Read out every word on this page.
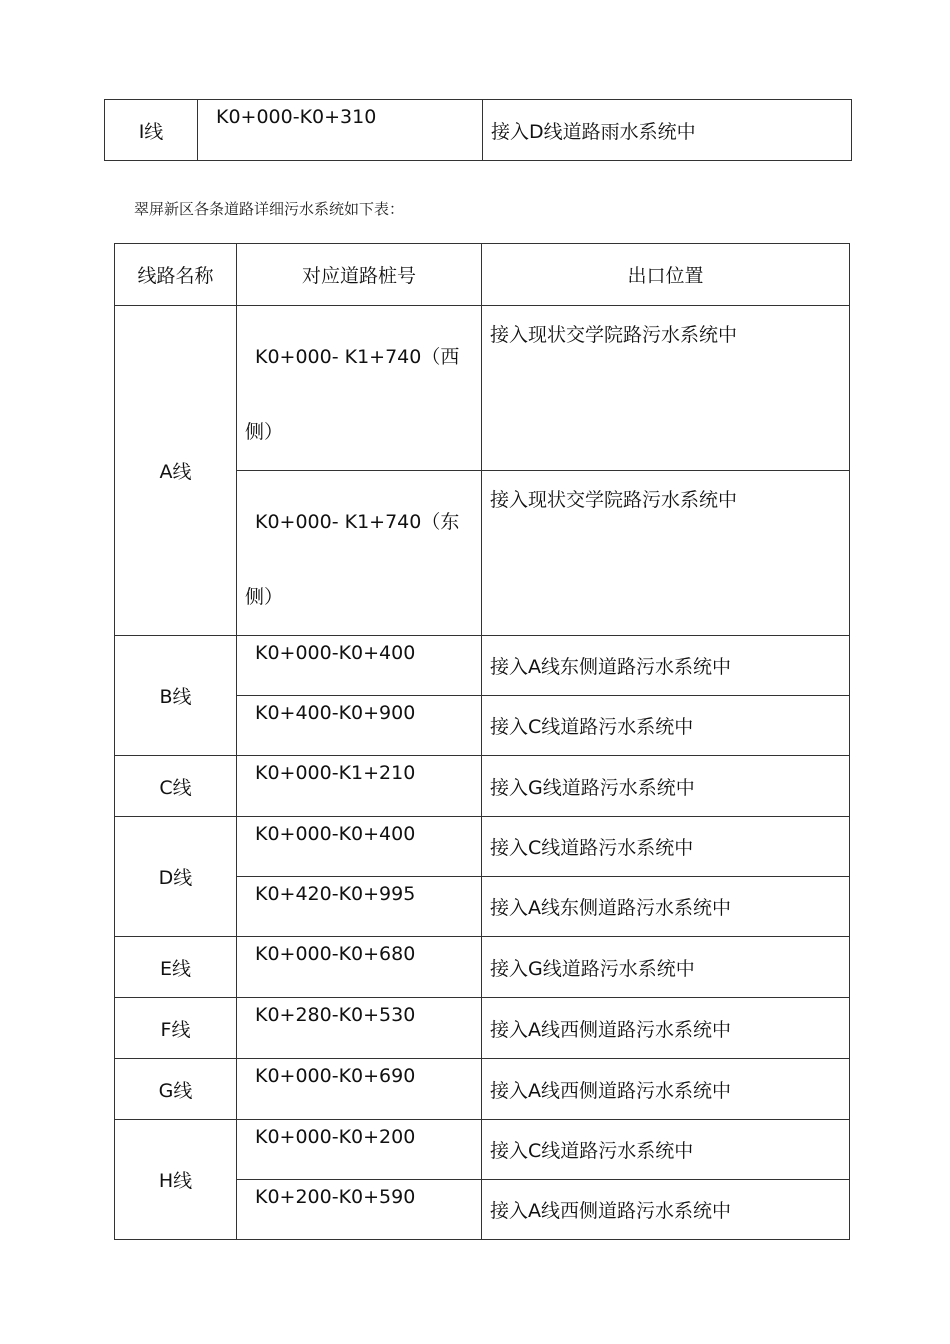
I线	K0+000-K0+310	接入D线道路雨水系统中
翠屏新区各条道路详细污水系统如下表：
线路名称	对应道路桩号	出口位置
A线	K0+000- K1+740（西 侧）	接入现状交学院路污水系统中
	K0+000- K1+740（东 侧）	接入现状交学院路污水系统中
B线	K0+000-K0+400	接入A线东侧道路污水系统中
	K0+400-K0+900	接入C线道路污水系统中
C线	K0+000-K1+210	接入G线道路污水系统中
D线	K0+000-K0+400	接入C线道路污水系统中
	K0+420-K0+995	接入A线东侧道路污水系统中
E线	K0+000-K0+680	接入G线道路污水系统中
F线	K0+280-K0+530	接入A线西侧道路污水系统中
G线	K0+000-K0+690	接入A线西侧道路污水系统中
H线	K0+000-K0+200	接入C线道路污水系统中
	K0+200-K0+590	接入A线西侧道路污水系统中
